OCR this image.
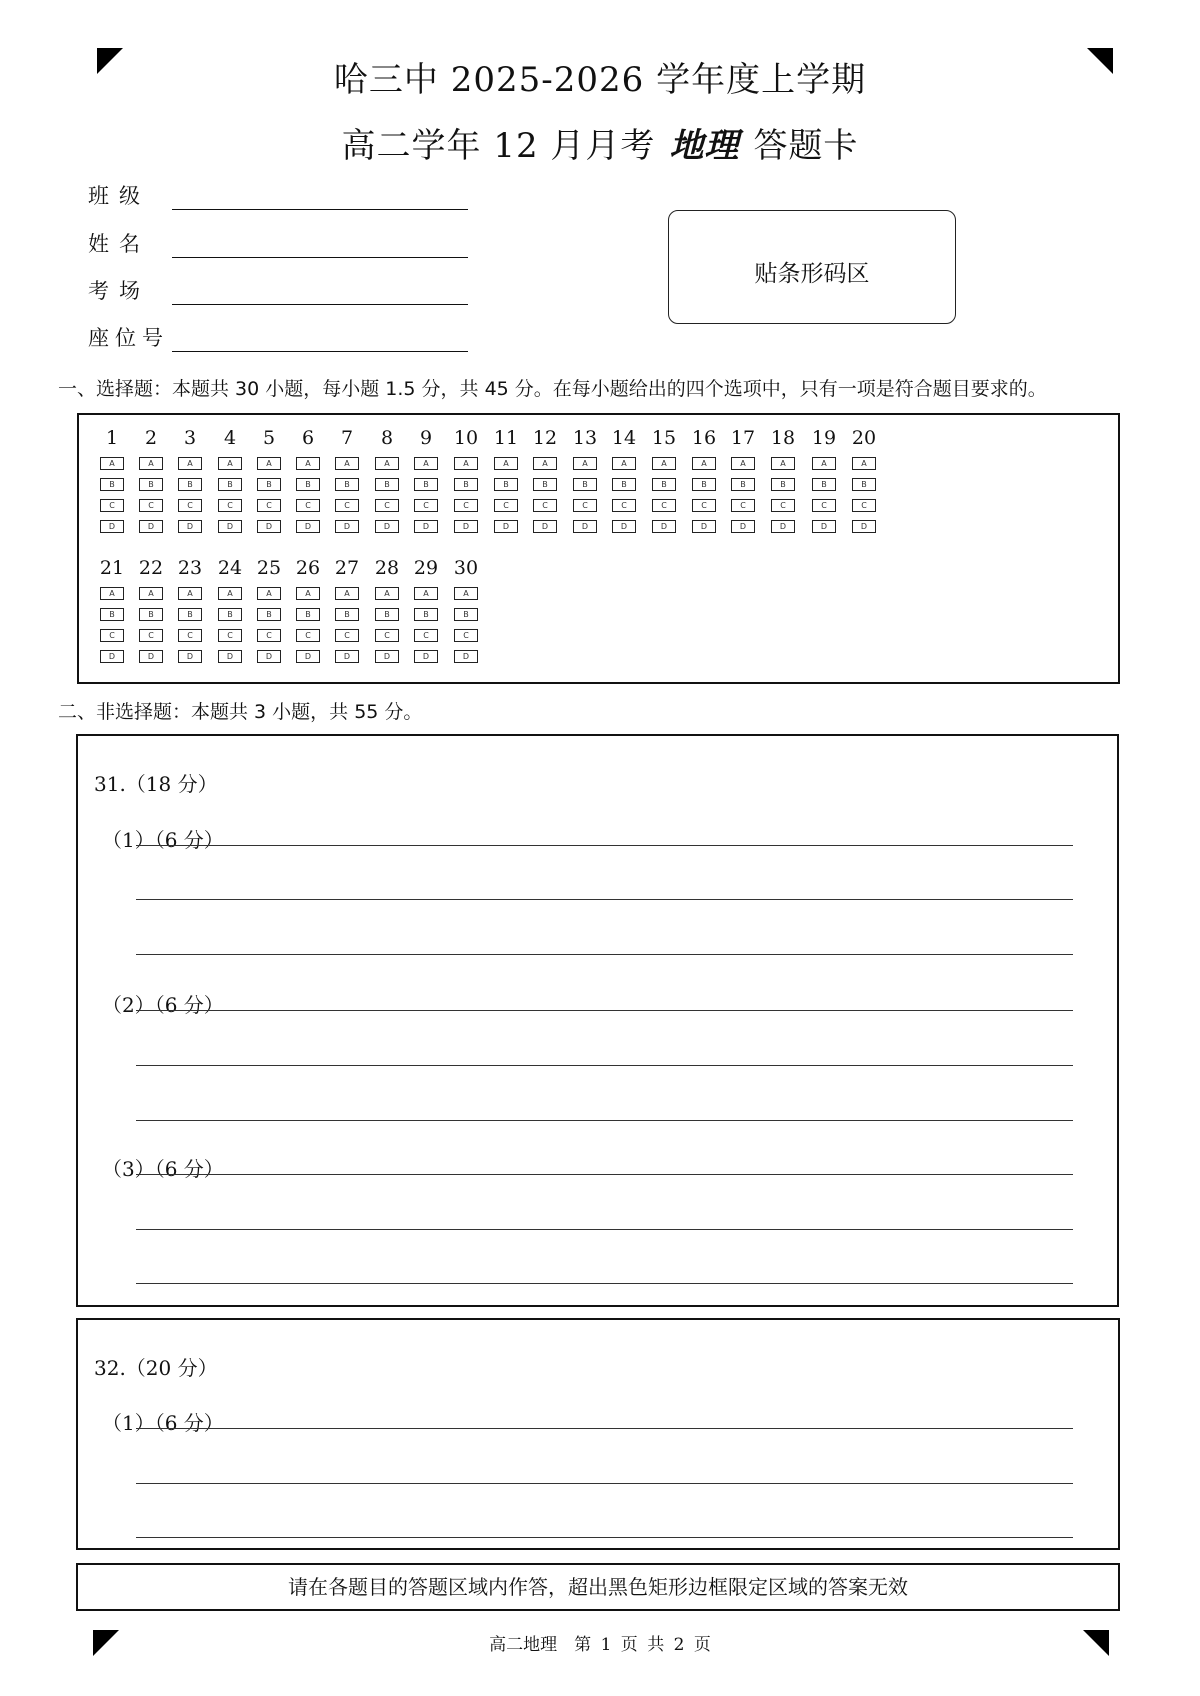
哈三中 2025-2026 学年度上学期
高二学年 12 月月考 地理 答题卡
班级
姓名
考场
座位号
贴条形码区
一、选择题：本题共 30 小题，每小题 1.5 分，共 45 分。在每小题给出的四个选项中，只有一项是符合题目要求的。
1
A
B
C
D
2
A
B
C
D
3
A
B
C
D
4
A
B
C
D
5
A
B
C
D
6
A
B
C
D
7
A
B
C
D
8
A
B
C
D
9
A
B
C
D
10
A
B
C
D
11
A
B
C
D
12
A
B
C
D
13
A
B
C
D
14
A
B
C
D
15
A
B
C
D
16
A
B
C
D
17
A
B
C
D
18
A
B
C
D
19
A
B
C
D
20
A
B
C
D
21
A
B
C
D
22
A
B
C
D
23
A
B
C
D
24
A
B
C
D
25
A
B
C
D
26
A
B
C
D
27
A
B
C
D
28
A
B
C
D
29
A
B
C
D
30
A
B
C
D
二、非选择题：本题共 3 小题，共 55 分。
31.（18 分）
（1）（6 分）
（2）（6 分）
（3）（6 分）
32.（20 分）
（1）（6 分）
请在各题目的答题区域内作答，超出黑色矩形边框限定区域的答案无效
高二地理　第 1 页 共 2 页
